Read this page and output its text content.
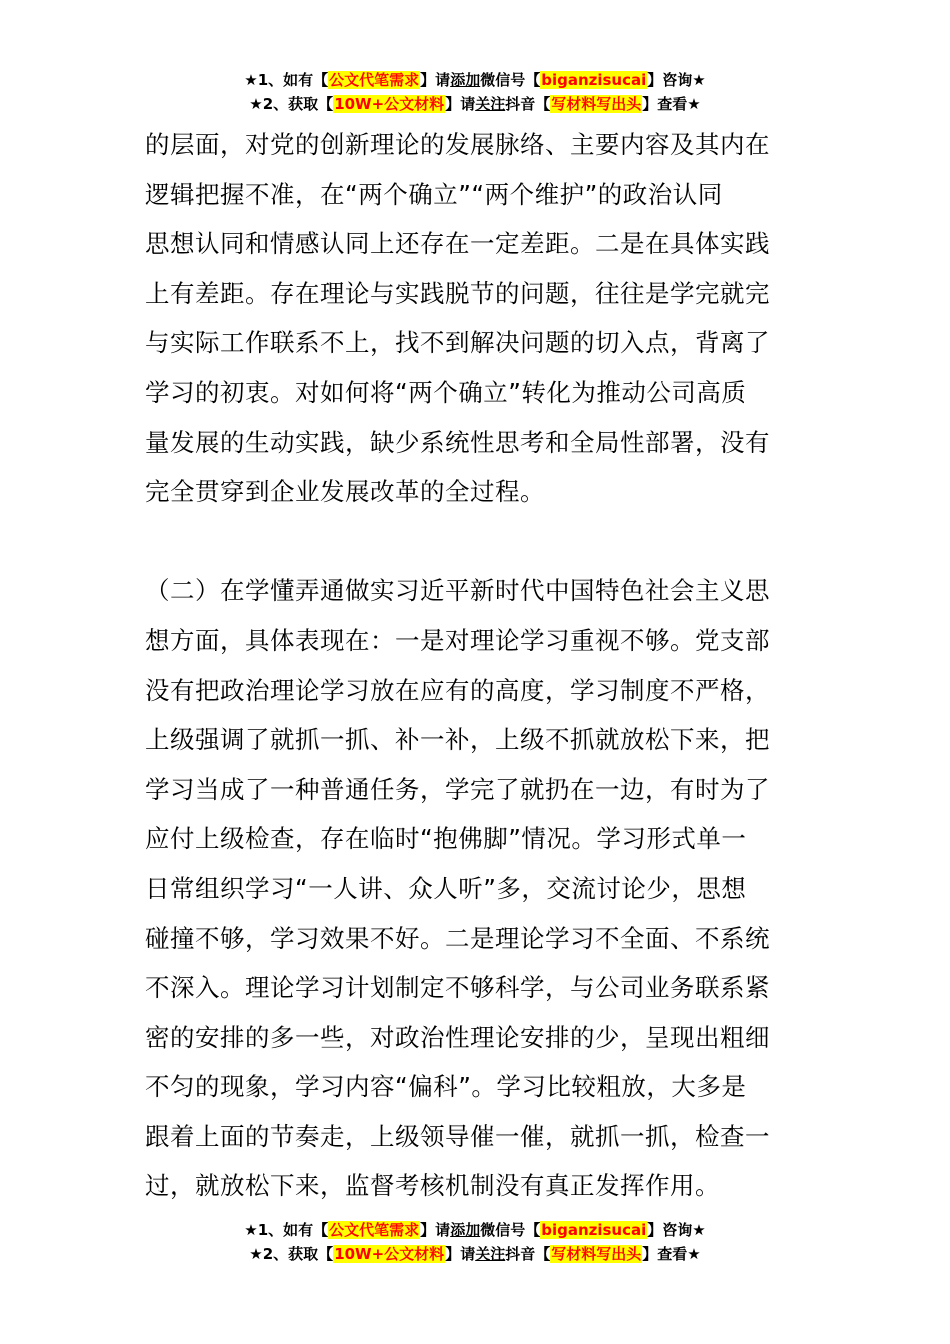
★1、如有【公文代笔需求】请添加微信号【biganzisucai】咨询★
★2、获取【10W+公文材料】请关注抖音【写材料写出头】查看★
的层面，对党的创新理论的发展脉络、主要内容及其内在
逻辑把握不准，在“两个确立”“两个维护”的政治认同
思想认同和情感认同上还存在一定差距。二是在具体实践
上有差距。存在理论与实践脱节的问题，往往是学完就完
与实际工作联系不上，找不到解决问题的切入点，背离了
学习的初衷。对如何将“两个确立”转化为推动公司高质
量发展的生动实践，缺少系统性思考和全局性部署，没有
完全贯穿到企业发展改革的全过程。
（二）在学懂弄通做实习近平新时代中国特色社会主义思
想方面，具体表现在：一是对理论学习重视不够。党支部
没有把政治理论学习放在应有的高度，学习制度不严格，
上级强调了就抓一抓、补一补，上级不抓就放松下来，把
学习当成了一种普通任务，学完了就扔在一边，有时为了
应付上级检查，存在临时“抱佛脚”情况。学习形式单一
日常组织学习“一人讲、众人听”多，交流讨论少，思想
碰撞不够，学习效果不好。二是理论学习不全面、不系统
不深入。理论学习计划制定不够科学，与公司业务联系紧
密的安排的多一些，对政治性理论安排的少，呈现出粗细
不匀的现象，学习内容“偏科”。学习比较粗放，大多是
跟着上面的节奏走，上级领导催一催，就抓一抓，检查一
过，就放松下来，监督考核机制没有真正发挥作用。
★1、如有【公文代笔需求】请添加微信号【biganzisucai】咨询★
★2、获取【10W+公文材料】请关注抖音【写材料写出头】查看★
